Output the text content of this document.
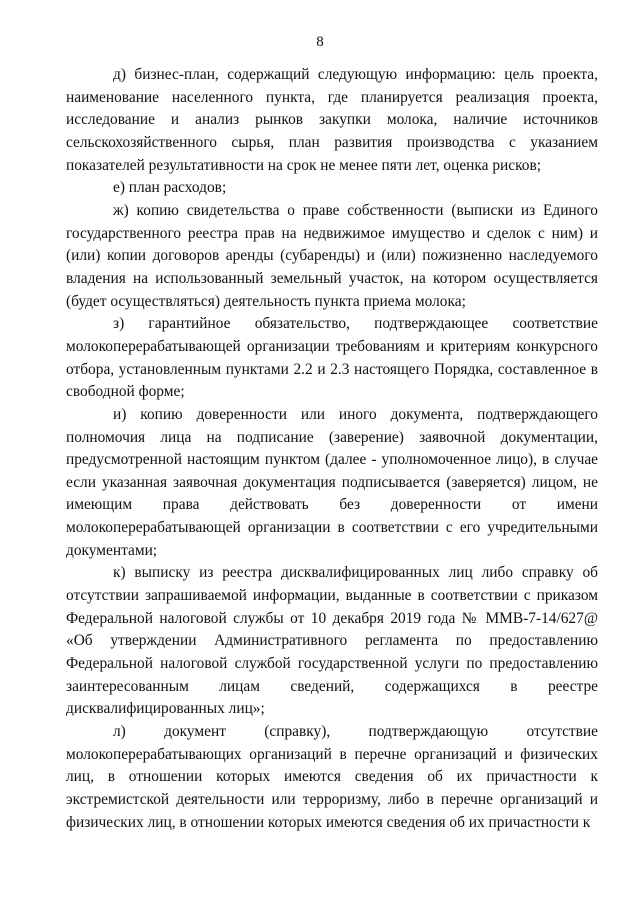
8

д) бизнес-план, содержащий следующую информацию: цель проекта, наименование населенного пункта, где планируется реализация проекта, исследование и анализ рынков закупки молока, наличие источников сельскохозяйственного сырья, план развития производства с указанием показателей результативности на срок не менее пяти лет, оценка рисков;

е) план расходов;

ж) копию свидетельства о праве собственности (выписки из Единого государственного реестра прав на недвижимое имущество и сделок с ним) и (или) копии договоров аренды (субаренды) и (или) пожизненно наследуемого владения на использованный земельный участок, на котором осуществляется (будет осуществляться) деятельность пункта приема молока;

з) гарантийное обязательство, подтверждающее соответствие молокоперерабатывающей организации требованиям и критериям конкурсного отбора, установленным пунктами 2.2 и 2.3 настоящего Порядка, составленное в свободной форме;

и) копию доверенности или иного документа, подтверждающего полномочия лица на подписание (заверение) заявочной документации, предусмотренной настоящим пунктом (далее - уполномоченное лицо), в случае если указанная заявочная документация подписывается (заверяется) лицом, не имеющим права действовать без доверенности от имени молокоперерабатывающей организации в соответствии с его учредительными документами;

к) выписку из реестра дисквалифицированных лиц либо справку об отсутствии запрашиваемой информации, выданные в соответствии с приказом Федеральной налоговой службы от 10 декабря 2019 года № ММВ-7-14/627@ «Об утверждении Административного регламента по предоставлению Федеральной налоговой службой государственной услуги по предоставлению заинтересованным лицам сведений, содержащихся в реестре дисквалифицированных лиц»;

л) документ (справку), подтверждающую отсутствие молокоперерабатывающих организаций в перечне организаций и физических лиц, в отношении которых имеются сведения об их причастности к экстремистской деятельности или терроризму, либо в перечне организаций и физических лиц, в отношении которых имеются сведения об их причастности к
